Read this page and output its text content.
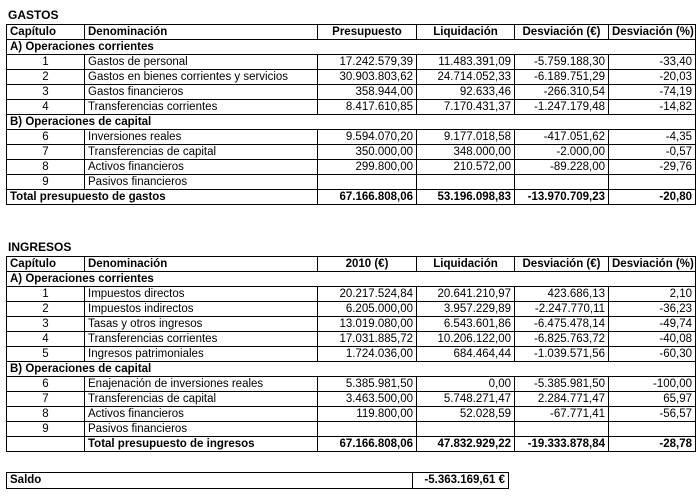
GASTOS
Capítulo	Denominación	Presupuesto	Liquidación	Desviación (€)	Desviación (%)
A) Operaciones corrientes					
1	Gastos de personal	17.242.579,39	11.483.391,09	-5.759.188,30	-33,40
2	Gastos en bienes corrientes y servicios	30.903.803,62	24.714.052,33	-6.189.751,29	-20,03
3	Gastos financieros	358.944,00	92.633,46	-266.310,54	-74,19
4	Transferencias corrientes	8.417.610,85	7.170.431,37	-1.247.179,48	-14,82
B) Operaciones de capital					
6	Inversiones reales	9.594.070,20	9.177.018,58	-417.051,62	-4,35
7	Transferencias de capital	350.000,00	348.000,00	-2.000,00	-0,57
8	Activos financieros	299.800,00	210.572,00	-89.228,00	-29,76
9	Pasivos financieros				
Total presupuesto de gastos		67.166.808,06	53.196.098,83	-13.970.709,23	-20,80
INGRESOS
Capítulo	Denominación	2010 (€)	Liquidación	Desviación (€)	Desviación (%)
A) Operaciones corrientes					
1	Impuestos directos	20.217.524,84	20.641.210,97	423.686,13	2,10
2	Impuestos indirectos	6.205.000,00	3.957.229,89	-2.247.770,11	-36,23
3	Tasas y otros ingresos	13.019.080,00	6.543.601,86	-6.475.478,14	-49,74
4	Transferencias corrientes	17.031.885,72	10.206.122,00	-6.825.763,72	-40,08
5	Ingresos patrimoniales	1.724.036,00	684.464,44	-1.039.571,56	-60,30
B) Operaciones de capital					
6	Enajenación de inversiones reales	5.385.981,50	0,00	-5.385.981,50	-100,00
7	Transferencias de capital	3.463.500,00	5.748.271,47	2.284.771,47	65,97
8	Activos financieros	119.800,00	52.028,59	-67.771,41	-56,57
9	Pasivos financieros				
	Total presupuesto de ingresos	67.166.808,06	47.832.929,22	-19.333.878,84	-28,78
Saldo	-5.363.169,61 €
